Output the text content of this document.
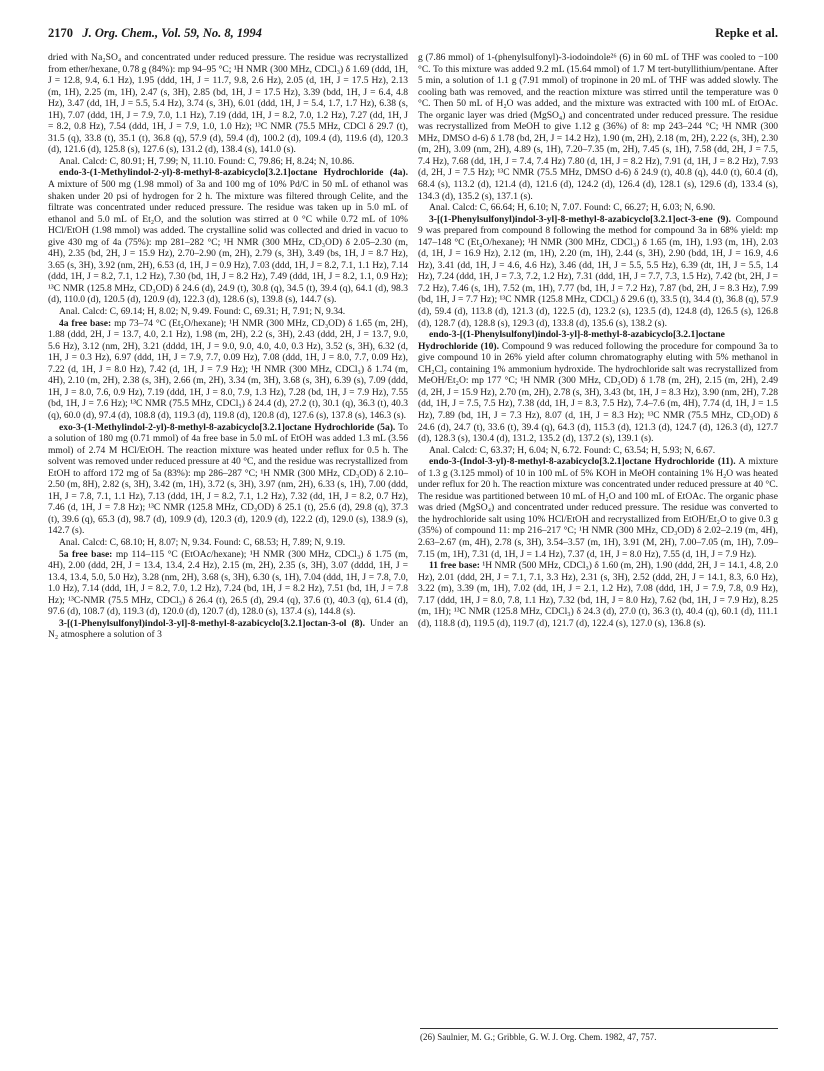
2170 J. Org. Chem., Vol. 59, No. 8, 1994	Repke et al.

dried with Na₂SO₄ and concentrated under reduced pressure. The residue was recrystallized from ether/hexane, 0.78 g (84%): mp 94–95 °C; ¹H NMR (300 MHz, CDCl₃) δ 1.69 (ddd, 1H, J = 12.8, 9.4, 6.1 Hz), 1.95 (ddd, 1H, J = 11.7, 9.8, 2.6 Hz), 2.05 (d, 1H, J = 17.5 Hz), 2.13 (m, 1H), 2.25 (m, 1H), 2.47 (s, 3H), 2.85 (bd, 1H, J = 17.5 Hz), 3.39 (bdd, 1H, J = 6.4, 4.8 Hz), 3.47 (dd, 1H, J = 5.5, 5.4 Hz), 3.74 (s, 3H), 6.01 (ddd, 1H, J = 5.4, 1.7, 1.7 Hz), 6.38 (s, 1H), 7.07 (ddd, 1H, J = 7.9, 7.0, 1.1 Hz), 7.19 (ddd, 1H, J = 8.2, 7.0, 1.2 Hz), 7.27 (dd, 1H, J = 8.2, 0.8 Hz), 7.54 (ddd, 1H, J = 7.9, 1.0, 1.0 Hz); ¹³C NMR (75.5 MHz, CDCl δ 29.7 (t), 31.5 (q), 33.8 (t), 35.1 (t), 36.8 (q), 57.9 (d), 59.4 (d), 100.2 (d), 109.4 (d), 119.6 (d), 120.3 (d), 121.6 (d), 125.8 (s), 127.6 (s), 131.2 (d), 138.4 (s), 141.0 (s).

Anal. Calcd: C, 80.91; H, 7.99; N, 11.10. Found: C, 79.86; H, 8.24; N, 10.86.

endo-3-(1-Methylindol-2-yl)-8-methyl-8-azabicyclo[3.2.1]octane Hydrochloride (4a). A mixture of 500 mg (1.98 mmol) of 3a and 100 mg of 10% Pd/C in 50 mL of ethanol was shaken under 20 psi of hydrogen for 2 h. The mixture was filtered through Celite, and the filtrate was concentrated under reduced pressure. The residue was taken up in 5.0 mL of ethanol and 5.0 mL of Et₂O, and the solution was stirred at 0 °C while 0.72 mL of 10% HCl/EtOH (1.98 mmol) was added. The crystalline solid was collected and dried in vacuo to give 430 mg of 4a (75%): mp 281–282 °C; ¹H NMR (300 MHz, CD₃OD) δ 2.05–2.30 (m, 4H), 2.35 (bd, 2H, J = 15.9 Hz), 2.70–2.90 (m, 2H), 2.79 (s, 3H), 3.49 (bs, 1H, J = 8.7 Hz), 3.65 (s, 3H), 3.92 (nm, 2H), 6.53 (d, 1H, J = 0.9 Hz), 7.03 (ddd, 1H, J = 8.2, 7.1, 1.1 Hz), 7.14 (ddd, 1H, J = 8.2, 7.1, 1.2 Hz), 7.30 (bd, 1H, J = 8.2 Hz), 7.49 (ddd, 1H, J = 8.2, 1.1, 0.9 Hz); ¹³C NMR (125.8 MHz, CD₃OD) δ 24.6 (d), 24.9 (t), 30.8 (q), 34.5 (t), 39.4 (q), 64.1 (d), 98.3 (d), 110.0 (d), 120.5 (d), 120.9 (d), 122.3 (d), 128.6 (s), 139.8 (s), 144.7 (s).

Anal. Calcd: C, 69.14; H, 8.02; N, 9.49. Found: C, 69.31; H, 7.91; N, 9.34.

4a free base: mp 73–74 °C (Et₂O/hexane); ¹H NMR (300 MHz, CD₃OD) δ 1.65 (m, 2H), 1.88 (ddd, 2H, J = 13.7, 4.0, 2.1 Hz), 1.98 (m, 2H), 2.2 (s, 3H), 2.43 (ddd, 2H, J = 13.7, 9.0, 5.6 Hz), 3.12 (nm, 2H), 3.21 (dddd, 1H, J = 9.0, 9.0, 4.0, 4.0, 0.3 Hz), 3.52 (s, 3H), 6.32 (d, 1H, J = 0.3 Hz), 6.97 (ddd, 1H, J = 7.9, 7.7, 0.09 Hz), 7.08 (ddd, 1H, J = 8.0, 7.7, 0.09 Hz), 7.22 (d, 1H, J = 8.0 Hz), 7.42 (d, 1H, J = 7.9 Hz); ¹H NMR (300 MHz, CDCl₃) δ 1.74 (m, 4H), 2.10 (m, 2H), 2.38 (s, 3H), 2.66 (m, 2H), 3.34 (m, 3H), 3.68 (s, 3H), 6.39 (s), 7.09 (ddd, 1H, J = 8.0, 7.6, 0.9 Hz), 7.19 (ddd, 1H, J = 8.0, 7.9, 1.3 Hz), 7.28 (bd, 1H, J = 7.9 Hz), 7.55 (bd, 1H, J = 7.6 Hz); ¹³C NMR (75.5 MHz, CDCl₃) δ 24.4 (d), 27.2 (t), 30.1 (q), 36.3 (t), 40.3 (q), 60.0 (d), 97.4 (d), 108.8 (d), 119.3 (d), 119.8 (d), 120.8 (d), 127.6 (s), 137.8 (s), 146.3 (s).

exo-3-(1-Methylindol-2-yl)-8-methyl-8-azabicyclo[3.2.1]octane Hydrochloride (5a). To a solution of 180 mg (0.71 mmol) of 4a free base in 5.0 mL of EtOH was added 1.3 mL (3.56 mmol) of 2.74 M HCl/EtOH. The reaction mixture was heated under reflux for 0.5 h. The solvent was removed under reduced pressure at 40 °C, and the residue was recrystallized from EtOH to afford 172 mg of 5a (83%): mp 286–287 °C; ¹H NMR (300 MHz, CD₃OD) δ 2.10–2.50 (m, 8H), 2.82 (s, 3H), 3.42 (m, 1H), 3.72 (s, 3H), 3.97 (nm, 2H), 6.33 (s, 1H), 7.00 (ddd, 1H, J = 7.8, 7.1, 1.1 Hz), 7.13 (ddd, 1H, J = 8.2, 7.1, 1.2 Hz), 7.32 (dd, 1H, J = 8.2, 0.7 Hz), 7.46 (d, 1H, J = 7.8 Hz); ¹³C NMR (125.8 MHz, CD₃OD) δ 25.1 (t), 25.6 (d), 29.8 (q), 37.3 (t), 39.6 (q), 65.3 (d), 98.7 (d), 109.9 (d), 120.3 (d), 120.9 (d), 122.2 (d), 129.0 (s), 138.9 (s), 142.7 (s).

Anal. Calcd: C, 68.10; H, 8.07; N, 9.34. Found: C, 68.53; H, 7.89; N, 9.19.

5a free base: mp 114–115 °C (EtOAc/hexane); ¹H NMR (300 MHz, CDCl₃) δ 1.75 (m, 4H), 2.00 (ddd, 2H, J = 13.4, 13.4, 2.4 Hz), 2.15 (m, 2H), 2.35 (s, 3H), 3.07 (dddd, 1H, J = 13.4, 13.4, 5.0, 5.0 Hz), 3.28 (nm, 2H), 3.68 (s, 3H), 6.30 (s, 1H), 7.04 (ddd, 1H, J = 7.8, 7.0, 1.0 Hz), 7.14 (ddd, 1H, J = 8.2, 7.0, 1.2 Hz), 7.24 (bd, 1H, J = 8.2 Hz), 7.51 (bd, 1H, J = 7.8 Hz); ¹³C-NMR (75.5 MHz, CDCl₃) δ 26.4 (t), 26.5 (d), 29.4 (q), 37.6 (t), 40.3 (q), 61.4 (d), 97.6 (d), 108.7 (d), 119.3 (d), 120.0 (d), 120.7 (d), 128.0 (s), 137.4 (s), 144.8 (s).

3-[(1-Phenylsulfonyl)indol-3-yl]-8-methyl-8-azabicyclo[3.2.1]octan-3-ol (8). Under an N₂ atmosphere a solution of 3

g (7.86 mmol) of 1-(phenylsulfonyl)-3-iodoindole²⁶ (6) in 60 mL of THF was cooled to −100 °C. To this mixture was added 9.2 mL (15.64 mmol) of 1.7 M tert-butyllithium/pentane. After 5 min, a solution of 1.1 g (7.91 mmol) of tropinone in 20 mL of THF was added slowly. The cooling bath was removed, and the reaction mixture was stirred until the temperature was 0 °C. Then 50 mL of H₂O was added, and the mixture was extracted with 100 mL of EtOAc. The organic layer was dried (MgSO₄) and concentrated under reduced pressure. The residue was recrystallized from MeOH to give 1.12 g (36%) of 8: mp 243–244 °C; ¹H NMR (300 MHz, DMSO d-6) δ 1.78 (bd, 2H, J = 14.2 Hz), 1.90 (m, 2H), 2.18 (m, 2H), 2.22 (s, 3H), 2.30 (m, 2H), 3.09 (nm, 2H), 4.89 (s, 1H), 7.20–7.35 (m, 2H), 7.45 (s, 1H), 7.58 (dd, 2H, J = 7.5, 7.4 Hz), 7.68 (dd, 1H, J = 7.4, 7.4 Hz) 7.80 (d, 1H, J = 8.2 Hz), 7.91 (d, 1H, J = 8.2 Hz), 7.93 (d, 2H, J = 7.5 Hz); ¹³C NMR (75.5 MHz, DMSO d-6) δ 24.9 (t), 40.8 (q), 44.0 (t), 60.4 (d), 68.4 (s), 113.2 (d), 121.4 (d), 121.6 (d), 124.2 (d), 126.4 (d), 128.1 (s), 129.6 (d), 133.4 (s), 134.3 (d), 135.2 (s), 137.1 (s).

Anal. Calcd: C, 66.64; H, 6.10; N, 7.07. Found: C, 66.27; H, 6.03; N, 6.90.

3-[(1-Phenylsulfonyl)indol-3-yl]-8-methyl-8-azabicyclo[3.2.1]oct-3-ene (9). Compound 9 was prepared from compound 8 following the method for compound 3a in 68% yield: mp 147–148 °C (Et₂O/hexane); ¹H NMR (300 MHz, CDCl₃) δ 1.65 (m, 1H), 1.93 (m, 1H), 2.03 (d, 1H, J = 16.9 Hz), 2.12 (m, 1H), 2.20 (m, 1H), 2.44 (s, 3H), 2.90 (bdd, 1H, J = 16.9, 4.6 Hz), 3.41 (dd, 1H, J = 4.6, 4.6 Hz), 3.46 (dd, 1H, J = 5.5, 5.5 Hz), 6.39 (dt, 1H, J = 5.5, 1.4 Hz), 7.24 (ddd, 1H, J = 7.3, 7.2, 1.2 Hz), 7.31 (ddd, 1H, J = 7.7, 7.3, 1.5 Hz), 7.42 (bt, 2H, J = 7.2 Hz), 7.46 (s, 1H), 7.52 (m, 1H), 7.77 (bd, 1H, J = 7.2 Hz), 7.87 (bd, 2H, J = 8.3 Hz), 7.99 (bd, 1H, J = 7.7 Hz); ¹³C NMR (125.8 MHz, CDCl₃) δ 29.6 (t), 33.5 (t), 34.4 (t), 36.8 (q), 57.9 (d), 59.4 (d), 113.8 (d), 121.3 (d), 122.5 (d), 123.2 (s), 123.5 (d), 124.8 (d), 126.5 (s), 126.8 (d), 128.7 (d), 128.8 (s), 129.3 (d), 133.8 (d), 135.6 (s), 138.2 (s).

endo-3-[(1-Phenylsulfonyl)indol-3-yl]-8-methyl-8-azabicyclo[3.2.1]octane Hydrochloride (10). Compound 9 was reduced following the procedure for compound 3a to give compound 10 in 26% yield after column chromatography eluting with 5% methanol in CH₂Cl₂ containing 1% ammonium hydroxide. The hydrochloride salt was recrystallized from MeOH/Et₂O: mp 177 °C; ¹H NMR (300 MHz, CD₃OD) δ 1.78 (m, 2H), 2.15 (m, 2H), 2.49 (d, 2H, J = 15.9 Hz), 2.70 (m, 2H), 2.78 (s, 3H), 3.43 (bt, 1H, J = 8.3 Hz), 3.90 (nm, 2H), 7.28 (dd, 1H, J = 7.5, 7.5 Hz), 7.38 (dd, 1H, J = 8.3, 7.5 Hz), 7.4–7.6 (m, 4H), 7.74 (d, 1H, J = 1.5 Hz), 7.89 (bd, 1H, J = 7.3 Hz), 8.07 (d, 1H, J = 8.3 Hz); ¹³C NMR (75.5 MHz, CD₃OD) δ 24.6 (d), 24.7 (t), 33.6 (t), 39.4 (q), 64.3 (d), 115.3 (d), 121.3 (d), 124.7 (d), 126.3 (d), 127.7 (d), 128.3 (s), 130.4 (d), 131.2, 135.2 (d), 137.2 (s), 139.1 (s).

Anal. Calcd: C, 63.37; H, 6.04; N, 6.72. Found: C, 63.54; H, 5.93; N, 6.67.

endo-3-(Indol-3-yl)-8-methyl-8-azabicyclo[3.2.1]octane Hydrochloride (11). A mixture of 1.3 g (3.125 mmol) of 10 in 100 mL of 5% KOH in MeOH containing 1% H₂O was heated under reflux for 20 h. The reaction mixture was concentrated under reduced pressure at 40 °C. The residue was partitioned between 10 mL of H₂O and 100 mL of EtOAc. The organic phase was dried (MgSO₄) and concentrated under reduced pressure. The residue was converted to the hydrochloride salt using 10% HCl/EtOH and recrystallized from EtOH/Et₂O to give 0.3 g (35%) of compound 11: mp 216–217 °C; ¹H NMR (300 MHz, CD₃OD) δ 2.02–2.19 (m, 4H), 2.63–2.67 (m, 4H), 2.78 (s, 3H), 3.54–3.57 (m, 1H), 3.91 (M, 2H), 7.00–7.05 (m, 1H), 7.09–7.15 (m, 1H), 7.31 (d, 1H, J = 1.4 Hz), 7.37 (d, 1H, J = 8.0 Hz), 7.55 (d, 1H, J = 7.9 Hz).

11 free base: ¹H NMR (500 MHz, CDCl₃) δ 1.60 (m, 2H), 1.90 (ddd, 2H, J = 14.1, 4.8, 2.0 Hz), 2.01 (ddd, 2H, J = 7.1, 7.1, 3.3 Hz), 2.31 (s, 3H), 2.52 (ddd, 2H, J = 14.1, 8.3, 6.0 Hz), 3.22 (m), 3.39 (m, 1H), 7.02 (dd, 1H, J = 2.1, 1.2 Hz), 7.08 (ddd, 1H, J = 7.9, 7.8, 0.9 Hz), 7.17 (ddd, 1H, J = 8.0, 7.8, 1.1 Hz), 7.32 (bd, 1H, J = 8.0 Hz), 7.62 (bd, 1H, J = 7.9 Hz), 8.25 (m, 1H); ¹³C NMR (125.8 MHz, CDCl₃) δ 24.3 (d), 27.0 (t), 36.3 (t), 40.4 (q), 60.1 (d), 111.1 (d), 118.8 (d), 119.5 (d), 119.7 (d), 121.7 (d), 122.4 (s), 127.0 (s), 136.8 (s).

(26) Saulnier, M. G.; Gribble, G. W. J. Org. Chem. 1982, 47, 757.
